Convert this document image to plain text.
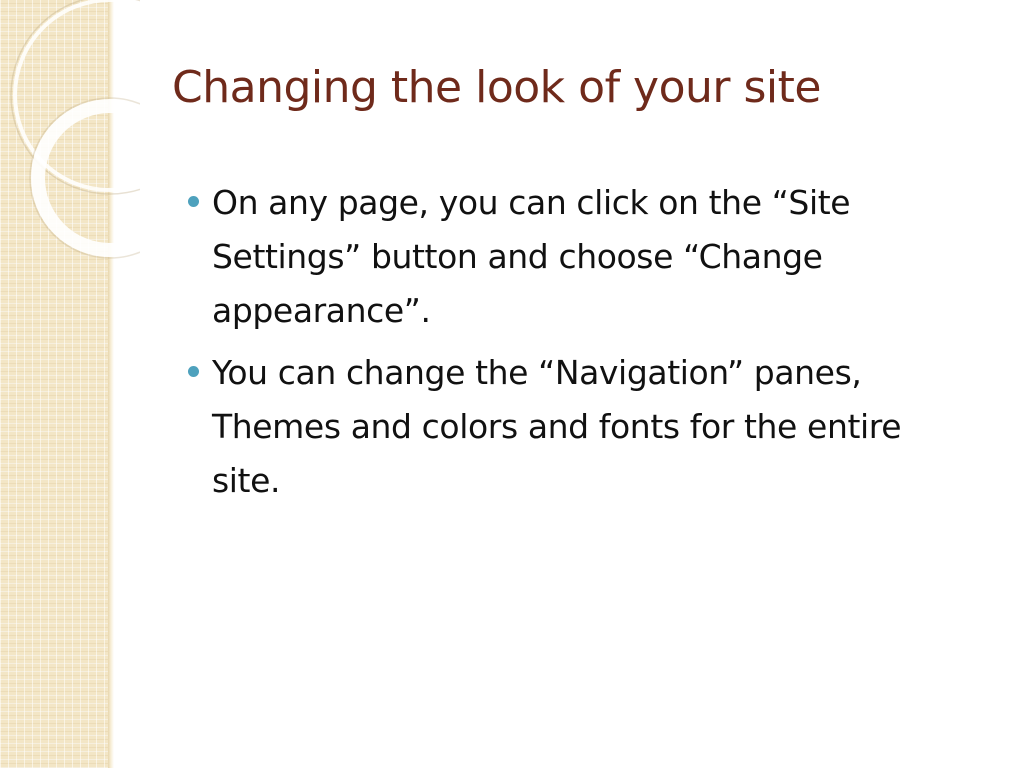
Changing the look of your site
On any page, you can click on the “Site Settings” button and choose “Change appearance”.
You can change the “Navigation” panes, Themes and colors and fonts for the entire site.
